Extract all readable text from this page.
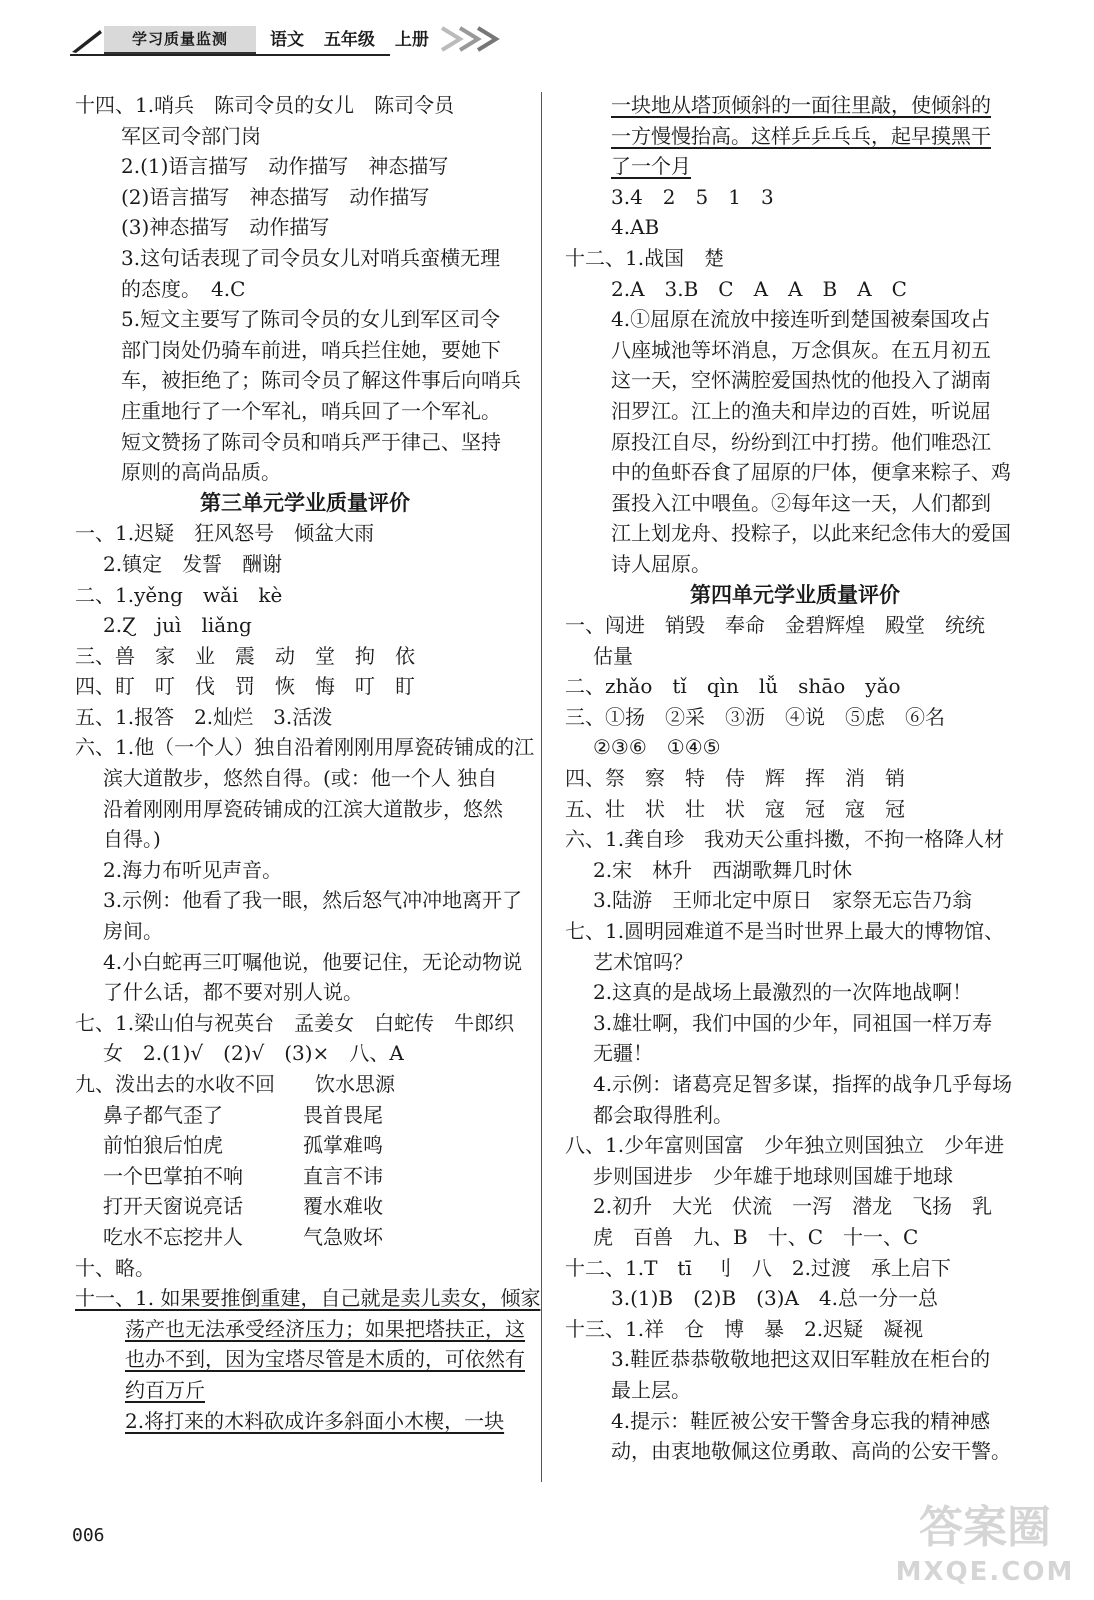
学习质量监测	语文 五年级 上册
十四、1.哨兵　陈司令员的女儿　陈司令员
军区司令部门岗
2.(1)语言描写　动作描写　神态描写
(2)语言描写　神态描写　动作描写
(3)神态描写　动作描写
3.这句话表现了司令员女儿对哨兵蛮横无理
的态度。　4.C
5.短文主要写了陈司令员的女儿到军区司令
部门岗处仍骑车前进，哨兵拦住她，要她下
车，被拒绝了；陈司令员了解这件事后向哨兵
庄重地行了一个军礼，哨兵回了一个军礼。
短文赞扬了陈司令员和哨兵严于律己、坚持
原则的高尚品质。
第三单元学业质量评价
一、1.迟疑　狂风怒号　倾盆大雨
2.镇定　发誓　酬谢
二、1.yěng　wǎi　kè
2.Ɀ　juì　liǎng
三、兽　家　业　震　动　堂　拘　依
四、盯　叮　伐　罚　恢　悔　叮　盯
五、1.报答　2.灿烂　3.活泼
六、1.他（一个人）独自沿着刚刚用厚瓷砖铺成的江
滨大道散步，悠然自得。(或：他一个人 独自
沿着刚刚用厚瓷砖铺成的江滨大道散步，悠然
自得。)
2.海力布听见声音。
3.示例：他看了我一眼，然后怒气冲冲地离开了
房间。
4.小白蛇再三叮嘱他说，他要记住，无论动物说
了什么话，都不要对别人说。
七、1.梁山伯与祝英台　孟姜女　白蛇传　牛郎织
女　2.(1)√　(2)√　(3)×　八、A
九、泼出去的水收不回　　饮水思源
鼻子都气歪了　　　　畏首畏尾
前怕狼后怕虎　　　　孤掌难鸣
一个巴掌拍不响　　　直言不讳
打开天窗说亮话　　　覆水难收
吃水不忘挖井人　　　气急败坏
十、略。
十一、1. 如果要推倒重建，自己就是卖儿卖女，倾家
荡产也无法承受经济压力；如果把塔扶正，这
也办不到，因为宝塔尽管是木质的，可依然有
约百万斤
2.将打来的木料砍成许多斜面小木楔，一块
一块地从塔顶倾斜的一面往里敲，使倾斜的
一方慢慢抬高。这样乒乒乓乓，起早摸黑干
了一个月
3.4　2　5　1　3
4.AB
十二、1.战国　楚
2.A　3.B　C　A　A　B　A　C
4.①屈原在流放中接连听到楚国被秦国攻占
八座城池等坏消息，万念俱灰。在五月初五
这一天，空怀满腔爱国热忱的他投入了湖南
汨罗江。江上的渔夫和岸边的百姓，听说屈
原投江自尽，纷纷到江中打捞。他们唯恐江
中的鱼虾吞食了屈原的尸体，便拿来粽子、鸡
蛋投入江中喂鱼。②每年这一天，人们都到
江上划龙舟、投粽子，以此来纪念伟大的爱国
诗人屈原。
第四单元学业质量评价
一、闯进　销毁　奉命　金碧辉煌　殿堂　统统
估量
二、zhǎo　tǐ　qìn　lǚ　shāo　yǎo
三、①扬　②采　③沥　④说　⑤虑　⑥名
②③⑥　①④⑤
四、祭　察　特　侍　辉　挥　消　销
五、壮　状　壮　状　寇　冠　寇　冠
六、1.龚自珍　我劝天公重抖擞，不拘一格降人材
2.宋　林升　西湖歌舞几时休
3.陆游　王师北定中原日　家祭无忘告乃翁
七、1.圆明园难道不是当时世界上最大的博物馆、
艺术馆吗？
2.这真的是战场上最激烈的一次阵地战啊！
3.雄壮啊，我们中国的少年，同祖国一样万寿
无疆！
4.示例：诸葛亮足智多谋，指挥的战争几乎每场
都会取得胜利。
八、1.少年富则国富　少年独立则国独立　少年进
步则国进步　少年雄于地球则国雄于地球
2.初升　大光　伏流　一泻　潜龙　飞扬　乳
虎　百兽　九、B　十、C　十一、C
十二、1.T　tī　刂　八　2.过渡　承上启下
3.(1)B　(2)B　(3)A　4.总一分一总
十三、1.祥　仓　博　暴　2.迟疑　凝视
3.鞋匠恭恭敬敬地把这双旧军鞋放在柜台的
最上层。
4.提示：鞋匠被公安干警舍身忘我的精神感
动，由衷地敬佩这位勇敢、高尚的公安干警。
006	答案圈
MXQE.COM
